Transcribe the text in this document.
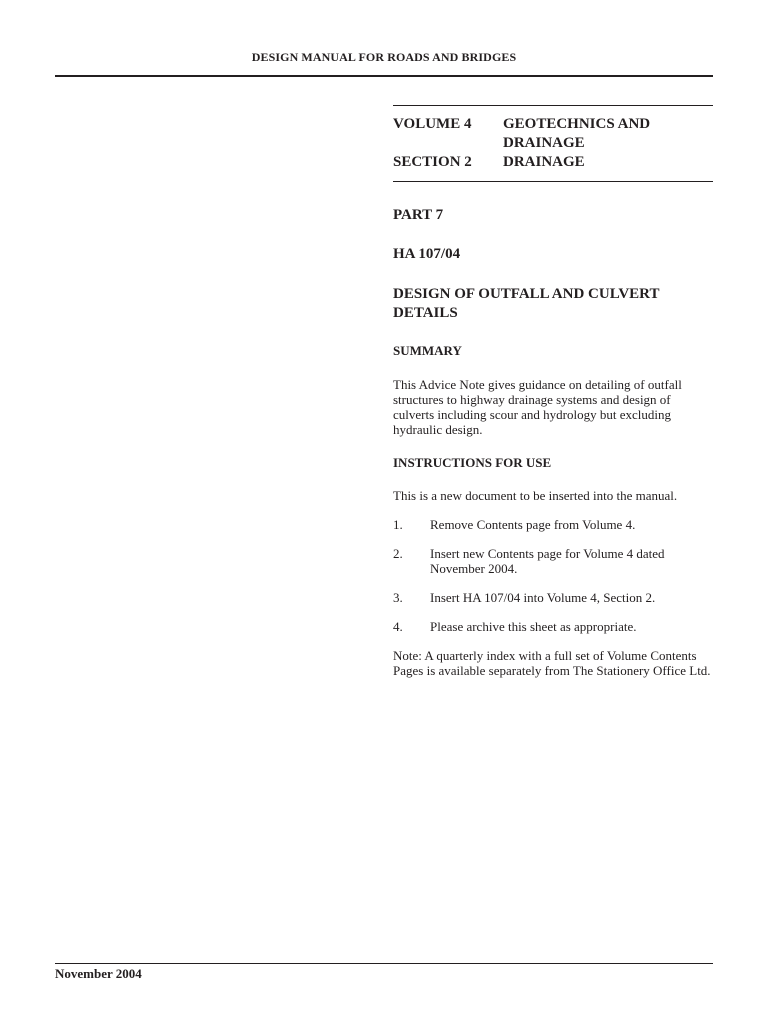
DESIGN MANUAL FOR ROADS AND BRIDGES
VOLUME 4	GEOTECHNICS AND DRAINAGE
SECTION 2	DRAINAGE
PART 7
HA 107/04
DESIGN OF OUTFALL AND CULVERT DETAILS
SUMMARY
This Advice Note gives guidance on detailing of outfall structures to highway drainage systems and design of culverts including scour and hydrology but excluding hydraulic design.
INSTRUCTIONS FOR USE
This is a new document to be inserted into the manual.
1.	Remove Contents page from Volume 4.
2.	Insert new Contents page for Volume 4 dated November 2004.
3.	Insert HA 107/04 into Volume 4, Section 2.
4.	Please archive this sheet as appropriate.
Note: A quarterly index with a full set of Volume Contents Pages is available separately from The Stationery Office Ltd.
November 2004
